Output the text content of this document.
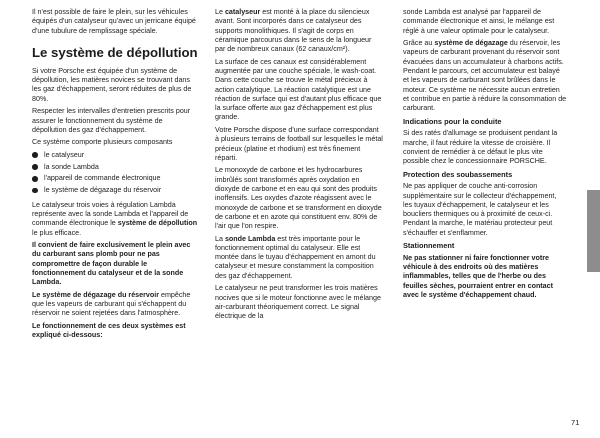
Il n'est possible de faire le plein, sur les véhicules équipés d'un catalyseur qu'avec un jerricane équipé d'une tubulure de remplissage spéciale.

Le système de dépollution

Si votre Porsche est équipée d'un système de dépollution, les matières novices se trouvant dans les gaz d'échappement, seront réduites de plus de 80%.

Respecter les intervalles d'entretien prescrits pour assurer le fonctionnement du système de dépollution des gaz d'échappement.

Ce système comporte plusieurs composants

le catalyseur
la sonde Lambda
l'appareil de commande électronique
le système de dégazage du réservoir

Le catalyseur trois voies à régulation Lambda représente avec la sonde Lambda et l'appareil de commande électronique le système de dépollution le plus efficace.

Il convient de faire exclusivement le plein avec du carburant sans plomb pour ne pas compromettre de façon durable le fonctionnement du catalyseur et de la sonde Lambda.

Le système de dégazage du réservoir empêche que les vapeurs de carburant qui s'échappent du réservoir ne soient rejetées dans l'atmosphère.

Le fonctionnement de ces deux systèmes est expliqué ci-dessous:

Le catalyseur est monté à la place du silencieux avant. Sont incorporés dans ce catalyseur des supports monolithiques. Il s'agit de corps en céramique parcourus dans le sens de la longueur par de nombreux canaux (62 canaux/cm²).

La surface de ces canaux est considérablement augmentée par une couche spéciale, le wash-coat. Dans cette couche se trouve le métal précieux à action catalytique. La réaction catalytique est une réaction de surface qui est d'autant plus efficace que la surface offerte aux gaz d'échappement est plus grande.

Votre Porsche dispose d'une surface correspondant à plusieurs terrains de football sur lesquelles le métal précieux (platine et rhodium) est très finement réparti.

Le monoxyde de carbone et les hydrocarbures imbrûlés sont transformés après oxydation en dioxyde de carbone et en eau qui sont des produits inoffensifs. Les oxydes d'azote réagissent avec le monoxyde de carbone et se transforment en dioxyde de carbone et en azote qui constituent env. 80% de l'air que l'on respire.

La sonde Lambda est très importante pour le fonctionnement optimal du catalyseur. Elle est montée dans le tuyau d'échappement en amont du catalyseur et mesure constamment la composition des gaz d'échappement.

Le catalyseur ne peut transformer les trois matières nocives que si le moteur fonctionne avec le mélange air-carburant théoriquement correct. Le signal électrique de la

sonde Lambda est analysé par l'appareil de commande électronique et ainsi, le mélange est réglé à une valeur optimale pour le catalyseur.

Grâce au système de dégazage du réservoir, les vapeurs de carburant provenant du réservoir sont évacuées dans un accumulateur à charbons actifs. Pendant le parcours, cet accumulateur est balayé et les vapeurs de carburant sont brûlées dans le moteur. Ce système ne nécessite aucun entretien et contribue en partie à réduire la consommation de carburant.

Indications pour la conduite

Si des ratés d'allumage se produisent pendant la marche, il faut réduire la vitesse de croisière. Il convient de remédier à ce défaut le plus vite possible chez le concessionnaire PORSCHE.

Protection des soubassements

Ne pas appliquer de couche anti-corrosion supplémentaire sur le collecteur d'échappement, les tuyaux d'échappement, le catalyseur et les boucliers thermiques ou à proximité de ceux-ci. Pendant la marche, le matériau protecteur peut s'échauffer et s'enflammer.

Stationnement

Ne pas stationner ni faire fonctionner votre véhicule à des endroits où des matières inflammables, telles que de l'herbe ou des feuilles sèches, pourraient entrer en contact avec le système d'échappement chaud.

71
